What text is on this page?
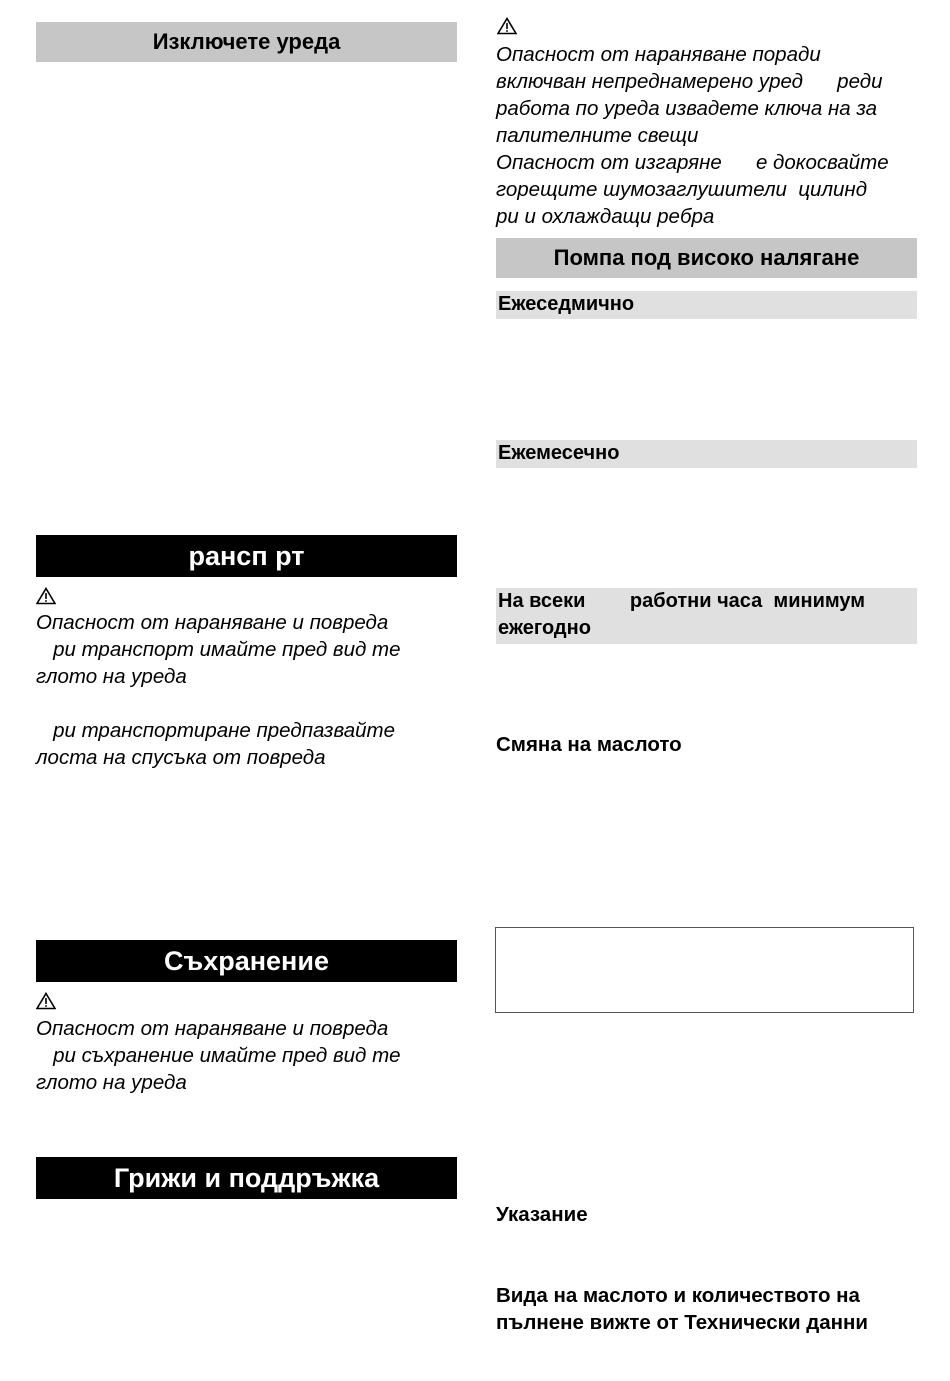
Изключете уреда
рансп рт
Опасност от нараняване и повреда
ри транспорт имайте пред вид те
глото на уреда
ри транспортиране предпазвайте
лоста на спусъка от повреда
Съхранение
Опасност от нараняване и повреда
ри съхранение имайте пред вид те
глото на уреда
Грижи и поддръжка
Опасност от нараняване поради
включван непреднамерено уред      реди
работа по уреда извадете ключа на за
палителните свещи
Опасност от изгаряне      е докосвайте
горещите шумозаглушители  цилинд
ри и охлаждащи ребра
Помпа под високо налягане
Ежеседмично
Ежемесечно
На всеки        работни часа  минимум
ежегодно
Смяна на маслото
Указание
Вида на маслото и количеството на
пълнене вижте от Технически данни
